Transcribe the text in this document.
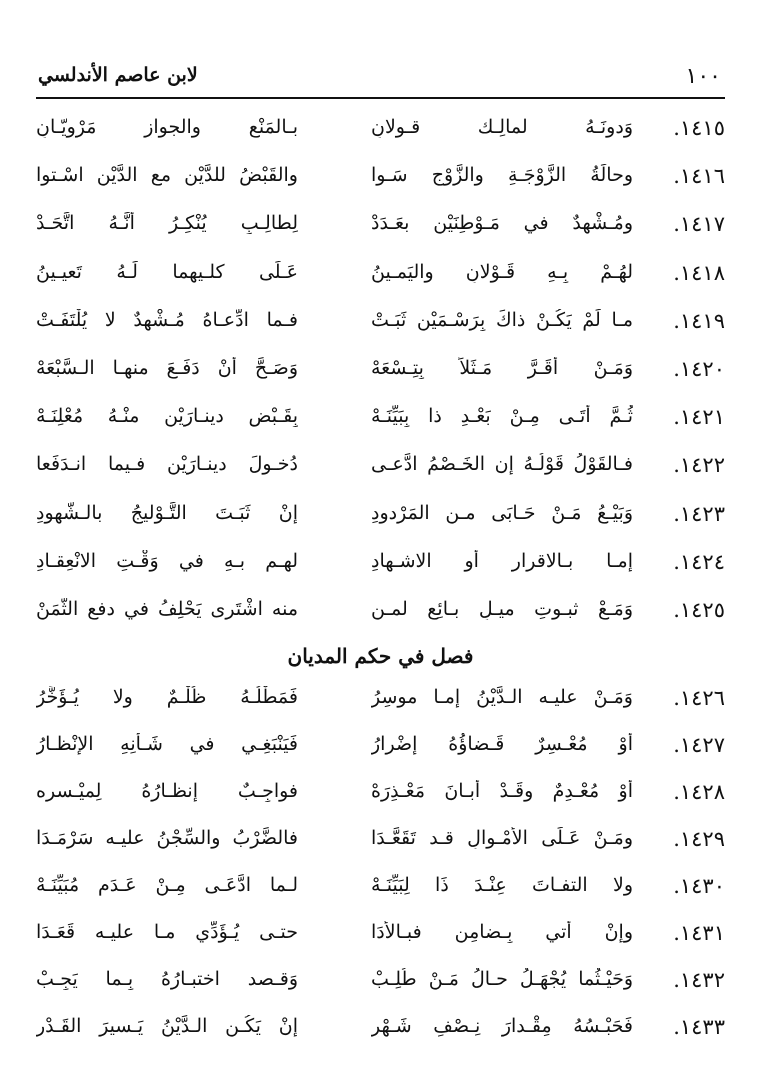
١٠٠
لابن عاصم الأندلسي
١٤١٥.
وَدونَـهُ لمالِـك قـولانِ
بـالمَنْعِ والجوازِ مَرْوِيّـانِ
١٤١٦.
وحالَةُ الزَّوْجَـةِ والزَّوْجِ سَـوا
والقَبْضُ للدَّيْنِ مع الدَّيْنِ اسْـتوا
١٤١٧.
ومُـشْهِدٌ في مَـوْطِنَيْنِ بعَـدَدْ
لِطالِـبٍ يُنْكِـرُ أنَّـهُ اتَّحَـدْ
١٤١٨.
لهُـمْ بِـهِ قَـوْلانِ واليَمـينُ
عَـلَى كلـيهِما لَـهُ تَعيـينُ
١٤١٩.
مـا لَمْ يَكُـنْ ذاكَ بِرَسْـمَيْنِ ثَبَـتْ
فـما ادِّعـاهُ مُـشْهِدٌ لا يُلْتَفَـتْ
١٤٢٠.
وَمَـنْ أَقَـرَّ مَـثَلاً بِتِـسْعَهْ
وَصَـحَّ أنْ دَفَـعَ منهـا الـسَّبْعَهْ
١٤٢١.
ثُـمَّ أَتَـى مِـنْ بَعْـدِ ذا بِبَيِّنَـهْ
بِقَـبْضِ دينـارَيْنِ منْـهُ مُعْلِنَـهْ
١٤٢٢.
فـالقَوْلُ قَوْلُـهُ إن الخَـصْمُ ادَّعـى
دُخـولَ دينـارَيْنِ فـيما انـدَفَعا
١٤٢٣.
وَبَيْـعُ مَـنْ حَـابَى مـن المَرْدودِ
إنْ ثَبَـتَ التَّـوْليجُ بالـشُّهودِ
١٤٢٤.
إمـا بـالاقرار أو الاشـهادِ
لهـم بـهِ في وَقْـتِ الانْعِقـادِ
١٤٢٥.
وَمَـعْ ثبـوتِ ميـلِ بـائِعٍ لمـن
منه اشْتَرى يَحْلِفُ في دفعِ الثَّمَنْ
١٤٢٦.
وَمَـنْ عليـه الـدَّيْنُ إمـا موسِرُ
فَمَطْلُـهُ ظُلْـمٌ ولا يُـؤَخَّرُ
١٤٢٧.
أوْ مُعْـسِرٌ قَـضاؤُهُ إضْرارُ
فَيَنْبَغِـي في شَـأْنِهِ الإنْظـارُ
١٤٢٨.
أوْ مُعْـدِمٌ وقَـدْ أَبـانَ مَعْـذِرَهْ
فواجِـبٌ إنظـارُهُ لِميْـسره
١٤٢٩.
ومَـنْ عَـلَى الأَمْـوالِ قـد تَقَعَّـدَا
فالضَّرْبُ والسِّجْنُ عليـه سَرْمَـدَا
١٤٣٠.
ولا التفـاتَ عِنْـدَ ذَا لِبَيِّنَـهْ
لـما ادَّعَـى مِـنْ عَـدَمٍ مُبَيِّنَـهْ
١٤٣١.
وإنْ أتي بِـضامِنٍ فبـالأدَا
حتـى يُـؤَدِّي مـا عليـه قَعَـدَا
١٤٣٢.
وَحَيْـثُما يُجْهَـلُ حـالُ مَـنْ طُلِـبْ
وَقـصد اختبـارُهُ بِـما يَجِـبْ
١٤٣٣.
فَحَبْـسُهُ مِقْـدارَ نِـصْفِ شَـهْرِ
إنْ يَكُـنِ الـدَّيْنُ يَـسيرَ القَـدْرِ
فصل في حكم المديان
